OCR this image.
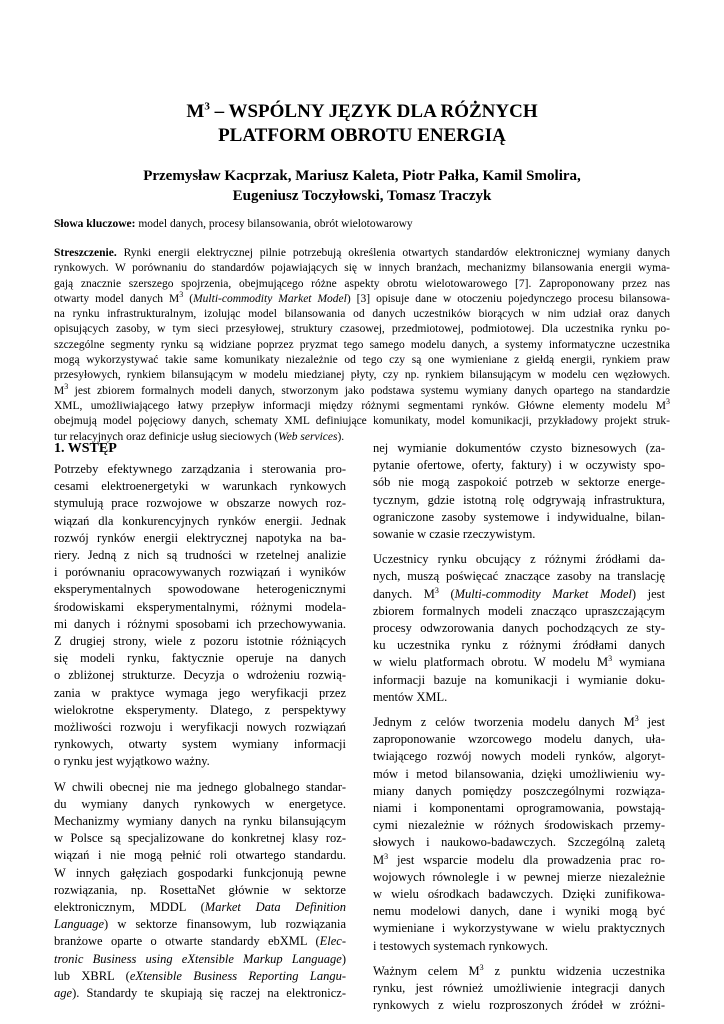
$M^3$ – WSPÓLNY JĘZYK DLA RÓŻNYCH
PLATFORM OBROTU ENERGIĄ
Przemysław Kacprzak, Mariusz Kaleta, Piotr Pałka, Kamil Smolira,
Eugeniusz Toczyłowski, Tomasz Traczyk
Słowa kluczowe: model danych, procesy bilansowania, obrót wielotowarowy
Streszczenie. Rynki energii elektrycznej pilnie potrzebują określenia otwartych standardów elektronicznej wymiany danych
rynkowych. W porównaniu do standardów pojawiających się w innych branżach, mechanizmy bilansowania energii wyma-
gają znacznie szerszego spojrzenia, obejmującego różne aspekty obrotu wielotowarowego [7]. Zaproponowany przez nas
otwarty model danych $M^3$ (Multi-commodity Market Model) [3] opisuje dane w otoczeniu pojedynczego procesu bilansowa-
na rynku infrastrukturalnym, izolując model bilansowania od danych uczestników biorących w nim udział oraz danych
opisujących zasoby, w tym sieci przesyłowej, struktury czasowej, przedmiotowej, podmiotowej. Dla uczestnika rynku po-
szczególne segmenty rynku są widziane poprzez pryzmat tego samego modelu danych, a systemy informatyczne uczestnika
mogą wykorzystywać takie same komunikaty niezależnie od tego czy są one wymieniane z giełdą energii, rynkiem praw
przesyłowych, rynkiem bilansującym w modelu miedzianej płyty, czy np. rynkiem bilansującym w modelu cen węzłowych.
$M^3$ jest zbiorem formalnych modeli danych, stworzonym jako podstawa systemu wymiany danych opartego na standardzie
XML, umożliwiającego łatwy przepływ informacji między różnymi segmentami rynków. Główne elementy modelu $M^3$
obejmują model pojęciowy danych, schematy XML definiujące komunikaty, model komunikacji, przykładowy projekt struk-
tur relacyjnych oraz definicje usług sieciowych (Web services).
1. WSTĘP

Potrzeby efektywnego zarządzania i sterowania pro-
cesami elektroenergetyki w warunkach rynkowych
stymulują prace rozwojowe w obszarze nowych roz-
wiązań dla konkurencyjnych rynków energii. Jednak
rozwój rynków energii elektrycznej napotyka na ba-
riery. Jedną z nich są trudności w rzetelnej analizie
i porównaniu opracowywanych rozwiązań i wyników
eksperymentalnych spowodowane heterogenicznymi
środowiskami eksperymentalnymi, różnymi modela-
mi danych i różnymi sposobami ich przechowywania.
Z drugiej strony, wiele z pozoru istotnie różniących
się modeli rynku, faktycznie operuje na danych
o zbliżonej strukturze. Decyzja o wdrożeniu rozwią-
zania w praktyce wymaga jego weryfikacji przez
wielokrotne eksperymenty. Dlatego, z perspektywy
możliwości rozwoju i weryfikacji nowych rozwiązań
rynkowych, otwarty system wymiany informacji
o rynku jest wyjątkowo ważny.

W chwili obecnej nie ma jednego globalnego standar-
du wymiany danych rynkowych w energetyce.
Mechanizmy wymiany danych na rynku bilansującym
w Polsce są specjalizowane do konkretnej klasy roz-
wiązań i nie mogą pełnić roli otwartego standardu.
W innych gałęziach gospodarki funkcjonują pewne
rozwiązania, np. RosettaNet głównie w sektorze
elektronicznym, MDDL (Market Data Definition
Language) w sektorze finansowym, lub rozwiązania
branżowe oparte o otwarte standardy ebXML (Elec-
tronic Business using eXtensible Markup Language)
lub XBRL (eXtensible Business Reporting Langu-
age). Standardy te skupiają się raczej na elektronicz-

nej wymianie dokumentów czysto biznesowych (za-
pytanie ofertowe, oferty, faktury) i w oczywisty spo-
sób nie mogą zaspokoić potrzeb w sektorze energe-
tycznym, gdzie istotną rolę odgrywają infrastruktura,
ograniczone zasoby systemowe i indywidualne, bilan-
sowanie w czasie rzeczywistym.

Uczestnicy rynku obcujący z różnymi źródłami da-
nych, muszą poświęcać znaczące zasoby na translację
danych. $M^3$ (Multi-commodity Market Model) jest
zbiorem formalnych modeli znacząco upraszczającym
procesy odwzorowania danych pochodzących ze sty-
ku uczestnika rynku z różnymi źródłami danych
w wielu platformach obrotu. W modelu $M^3$ wymiana
informacji bazuje na komunikacji i wymianie doku-
mentów XML.

Jednym z celów tworzenia modelu danych $M^3$ jest
zaproponowanie wzorcowego modelu danych, uła-
twiającego rozwój nowych modeli rynków, algoryt-
mów i metod bilansowania, dzięki umożliwieniu wy-
miany danych pomiędzy poszczególnymi rozwiąza-
niami i komponentami oprogramowania, powstają-
cymi niezależnie w różnych środowiskach przemy-
słowych i naukowo-badawczych. Szczególną zaletą
$M^3$ jest wsparcie modelu dla prowadzenia prac ro-
wojowych równolegle i w pewnej mierze niezależnie
w wielu ośrodkach badawczych. Dzięki zunifikowa-
nemu modelowi danych, dane i wyniki mogą być
wymieniane i wykorzystywane w wielu praktycznych
i testowych systemach rynkowych.

Ważnym celem $M^3$ z punktu widzenia uczestnika
rynku, jest również umożliwienie integracji danych
rynkowych z wielu rozproszonych źródeł w zróżni-
